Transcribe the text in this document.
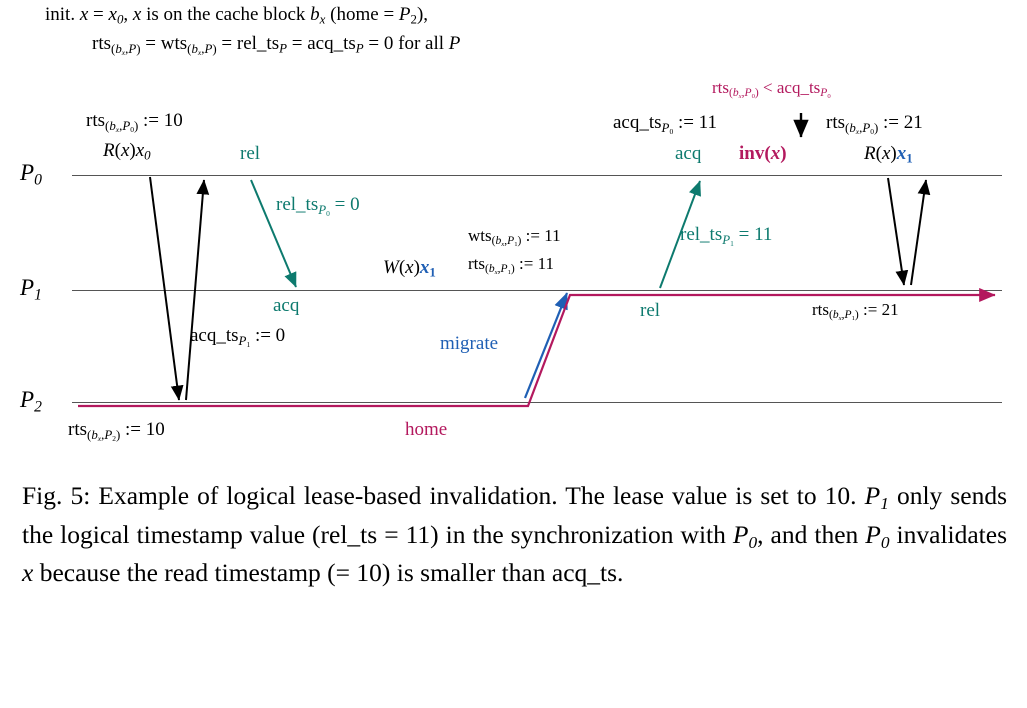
init. $x = x_0$, x is on the cache block $b_x$ (home = $P_2$),
$rts_{(bx,P)} = wts_{(bx,P)} = rel\_ts_P$ = $acq\_ts_P = 0$ for all P
$P_0$
$P_1$
$P_2$
rts$_{(bx,P0)}$ := 10
$R(x)x_0$	rel
$rel\_ts_{P0} = 0$
acq
$acq\_ts_{P1}$ := 0
$W(x)x_1$
wts$_{(bx,P1)}$ := 11
rts$_{(bx,P1)}$ := 11
$rel\_ts_{P1} = 11$
rel	rts$_{(bx,P1)}$ := 21
$rts_{(bx,P0)} < acq\_ts_{P0}$
$acq\_ts_{P0}$ := 11	rts$_{(bx,P0)}$ := 21
acq inv(x)	$R(x)x_1$
migrate
home
rts$_{(bx,P2)}$ := 10
Fig. 5: Example of logical lease-based invalidation. The lease value is set to 10. $P_1$ only sends the logical timestamp value (rel_ts = 11) in the synchronization with $P_0$, and then $P_0$ invalidates x because the read timestamp (= 10) is smaller than acq_ts.
